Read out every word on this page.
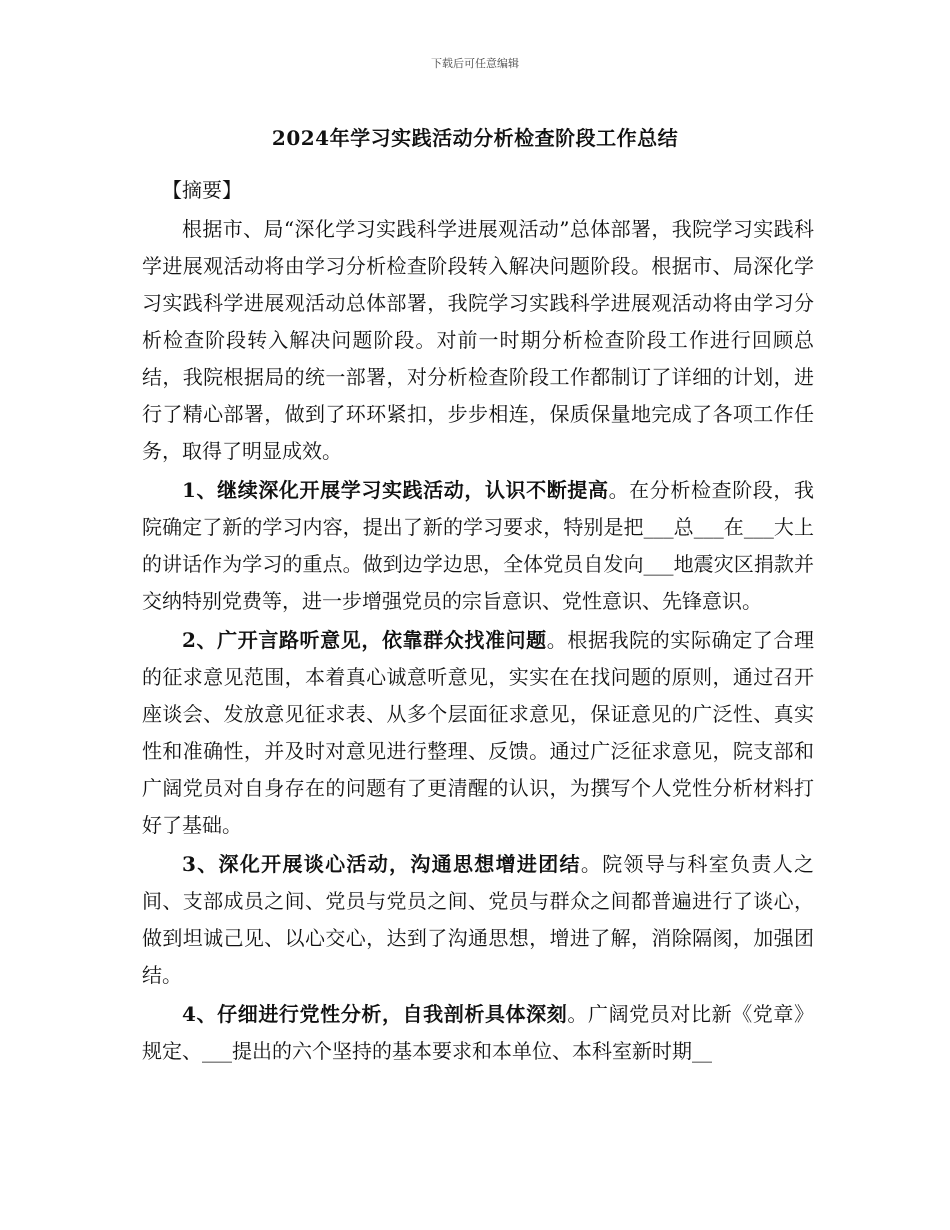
下载后可任意编辑
2024年学习实践活动分析检查阶段工作总结

【摘要】

根据市、局“深化学习实践科学进展观活动”总体部署，我院学习实践科学进展观活动将由学习分析检查阶段转入解决问题阶段。根据市、局深化学习实践科学进展观活动总体部署，我院学习实践科学进展观活动将由学习分析检查阶段转入解决问题阶段。对前一时期分析检查阶段工作进行回顾总结，我院根据局的统一部署，对分析检查阶段工作都制订了详细的计划，进行了精心部署，做到了环环紧扣，步步相连，保质保量地完成了各项工作任务，取得了明显成效。

1、继续深化开展学习实践活动，认识不断提高。在分析检查阶段，我院确定了新的学习内容，提出了新的学习要求，特别是把___总___在___大上的讲话作为学习的重点。做到边学边思，全体党员自发向___地震灾区捐款并交纳特别党费等，进一步增强党员的宗旨意识、党性意识、先锋意识。

2、广开言路听意见，依靠群众找准问题。根据我院的实际确定了合理的征求意见范围，本着真心诚意听意见，实实在在找问题的原则，通过召开座谈会、发放意见征求表、从多个层面征求意见，保证意见的广泛性、真实性和准确性，并及时对意见进行整理、反馈。通过广泛征求意见，院支部和广阔党员对自身存在的问题有了更清醒的认识，为撰写个人党性分析材料打好了基础。

3、深化开展谈心活动，沟通思想增进团结。院领导与科室负责人之间、支部成员之间、党员与党员之间、党员与群众之间都普遍进行了谈心，做到坦诚己见、以心交心，达到了沟通思想，增进了解，消除隔阂，加强团结。

4、仔细进行党性分析，自我剖析具体深刻。广阔党员对比新《党章》规定、___提出的六个坚持的基本要求和本单位、本科室新时期__
